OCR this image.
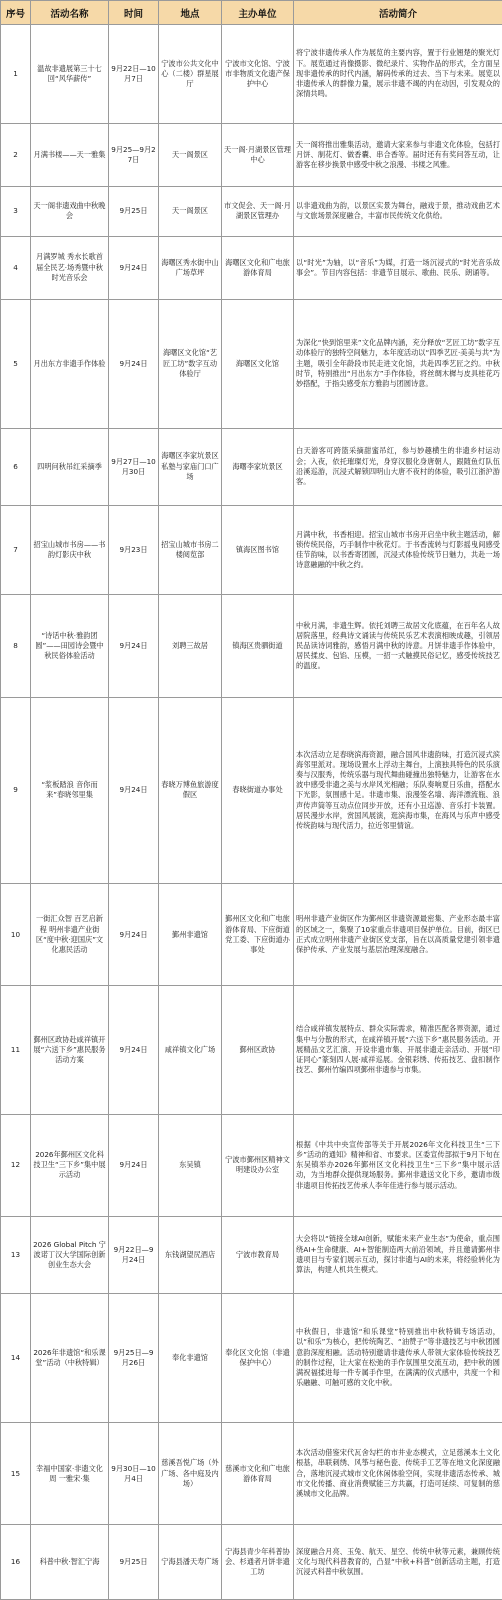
序号	活动名称	时间	地点	主办单位	活动简介
1	温故非遗展第三十七回“风华薪传”	9月22日—10月7日	宁波市公共文化中心（二楼）群星展厅	宁波市文化馆、宁波市非物质文化遗产保护中心	将宁波非遗传承人作为展览的主要内容，置于行业翘楚的聚光灯下。展览通过肖像摄影、微纪录片、实物作品的形式，全方面呈现非遗传承的时代内涵，解码传承的过去、当下与未来。展览以非遗传承人的群像力量，展示非遗不竭的内在动因，引发观众的深情共鸣。
2	月满书楼——天一雅集	9月25—9月27日	天一阁景区	天一阁·月湖景区管理中心	天一阁将推出雅集活动，邀请大家来参与非遗文化体验，包括打月饼、制花灯、做香囊、串合香等。届时还有有奖问答互动，让游客在移步换景中感受中秋之浪漫、书楼之风雅。
3	天一阁非遗戏曲中秋晚会	9月25日	天一阁景区	市文促会、天一阁·月湖景区管理办	以非遗戏曲为韵，以景区实景为舞台，融戏于景，推动戏曲艺术与文旅场景深度融合，丰富市民传统文化供给。
4	月满罗城 秀水长歌首届全民艺·场秀暨中秋时光音乐会	9月24日	海曙区秀水街中山广场草坪	海曙区文化和广电旅游体育局	以“时光”为轴，以“音乐”为媒，打造一场沉浸式的“时光音乐故事会”。节目内容包括：非遗节目展示、歌曲、民乐、朗诵等。
5	月出东方非遗手作体验	9月24日	海曙区文化馆“艺匠工坊”数字互动体验厅	海曙区文化馆	为深化“快到馆里来”文化品牌内涵，充分释放“艺匠工坊”数字互动体验厅的独特空间魅力，本年度活动以“四季艺匠·美美与共”为主题，吸引全年龄段市民走进文化馆，共赴四季艺匠之约。中秋时节，特别推出“月出东方”手作体验，将丝绸木樨与皮具桂花巧妙搭配，于指尖感受东方雅韵与团圆诗意。
6	四明问秋吊红采摘季	9月27日—10月30日	海曙区李家坑景区私塾与家庙门口广场	海曙李家坑景区	白天游客可跨篮采摘甜蜜吊红，参与妙趣横生的非遗乡村运动会；入夜，依托璀璨灯光，身穿汉服化身唐朝人，跟随鱼灯队伍沿溪巡游，沉浸式解锁四明山大唐不夜村的体验，吸引江浙沪游客。
7	招宝山城市书房——书韵灯影庆中秋	9月23日	招宝山城市书房二楼阅览部	镇海区图书馆	月满中秋，书香相迎。招宝山城市书房开启坐中秋主题活动，解锁传统民俗，巧手制作中秋花灯。于书香流转与灯影摇曳间感受佳节韵味，以书香寄团圆，沉浸式体验传统节日魅力，共赴一场诗意融融的中秋之约。
8	“诗话中秋·雅韵团圆”——田园诗会暨中秋民俗体验活动	9月24日	刘聘三故居	镇海区贵驷街道	中秋月满，非遗生辉。依托刘聘三故居文化底蕴，在百年名人故居院落里，经典诗文诵读与传统民乐艺术表演相映成趣，引领居民品读诗词雅韵，感悟月满中秋的诗意。月饼非遗手作体验中，居民揉皮、包馅、压模，一招一式触摸民俗记忆，感受传统技艺的温度。
9	“浆板踏浪 音你而来”春晓邻里集	9月24日	春晓万博鱼旅游度假区	春晓街道办事处	本次活动立足春晓滨海资源，融合国风非遗韵味，打造沉浸式滨海邻里派对。现场设置水上浮动主舞台，上演独具特色的民乐演奏与汉服秀，传统乐器与现代舞曲碰撞出独特魅力，让游客在水波中感受非遗之美与水岸风光相融；乐队奏响夏日乐曲，搭配水下光影，氛围感十足。非遗市集、浪漫签名墙、海洋漂流瓶、浪声传声筒等互动点位同步开放，还有小丑巡游、音乐打卡装置。居民漫步水岸，赏国风展演，逛滨海市集，在海风与乐声中感受传统韵味与现代活力，拉近邻里情谊。
10	一街汇众智 百艺启新程 明州非遗产业街区“度中秋·迎国庆”文化惠民活动	9月24日	鄞州非遗馆	鄞州区文化和广电旅游体育局、下应街道党工委、下应街道办事处	明州非遗产业街区作为鄞州区非遗资源最密集、产业形态最丰富的区域之一，集聚了10家重点非遗项目保护单位。目前，街区已正式成立明州非遗产业街区党支部，旨在以高质量党建引领非遗保护传承、产业发展与基层治理深度融合。
11	鄞州区政协赴咸祥镇开展“六送下乡”惠民服务活动方案	9月24日	咸祥镇文化广场	鄞州区政协	结合咸祥镇发展特点、群众实际需求，精准匹配各界资源，通过集中与分散的形式，在咸祥镇开展“六送下乡”惠民服务活动。开展精品文艺汇演、开设非遗市集、开展非遗走亲活动、开展“印证同心”篆刻四人展·咸祥巡展。金银彩绣、传拓技艺、盘扣制作技艺、鄞州竹编四项鄞州非遗参与市集。
12	2026年鄞州区文化科技卫生“三下乡”集中展示活动	9月24日	东吴镇	宁波市鄞州区精神文明建设办公室	根据《中共中央宣传部等关于开展2026年文化科技卫生“三下乡”活动的通知》精神和省、市要求。区委宣传部拟于9月下旬在东吴镇举办2026年鄞州区文化科技卫生“三下乡”集中展示活动，为当地群众提供现场服务。鄞州非遗送文化下乡，邀请市级非遗项目传拓技艺传承人李年佳进行参与展示活动。
13	2026 Global Pitch 宁波诺丁汉大学国际创新创业生态大会	9月22日—9月24日	东钱湖望尻酒店	宁波市教育局	大会将以“链接全球AI创新，赋能未来产业生态”为使命，重点围绕AI+生命健康、AI+智能制造两大前沿领域，并且邀请鄞州非遗项目与专家们展示互动，探讨非遗与AI的未来，将经验转化为算法，构建人机共生模式。
14	2026年非遗馆“和乐课堂”活动（中秋特辑）	9月25日—9月26日	奉化非遗馆	奉化区文化馆（非遗保护中心）	中秋假日，非遗馆“和乐课堂”特别推出中秋特辑专场活动，以“和乐”为核心，把传统陶艺、“油赞子”等非遗技艺与中秋团圆意韵深度相融。活动特别邀请非遗传承人带领大家体验传统技艺的制作过程，让大家在松弛的手作氛围里交流互动，把中秋的圆满祝福揉进每一件专属手作里，在满满的仪式感中，共度一个和乐融融、可触可感的文化中秋。
15	幸福中国家·非遗文化周 一雅宋·集	9月30日—10月4日	慈溪吾悦广场（外广场、各中庭及内场）	慈溪市文化和广电旅游体育局	本次活动借鉴宋代瓦舍勾栏的市井业态模式，立足慈溪本土文化根基，串联刺绣、风筝与秘色瓷、传统手工艺等在地文化深度融合，落地沉浸式城市文化休闲体验空间，实现非遗活态传承、城市文化传播、商业消费赋能三方共赢，打造可延续、可复制的慈溪城市文化品牌。
16	科普中秋·智汇宁海	9月25日	宁海县潘天寿广场	宁海县青少年科普协会、杉通者月饼非遗工坊	深度融合月亮、玉兔、航天、星空、传统中秋等元素，兼顾传统文化与现代科普教育的，凸显“中秋+科普”创新活动主题，打造沉浸式科普中秋氛围。
